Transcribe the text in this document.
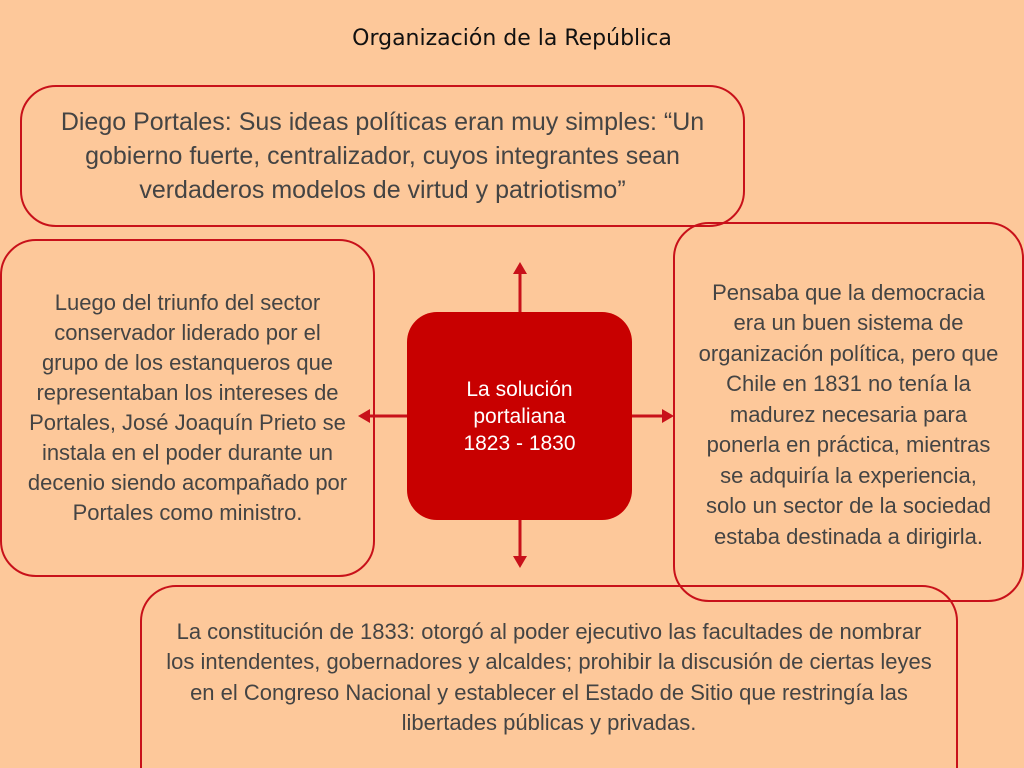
Organización de la República
Diego Portales: Sus ideas políticas eran muy simples: “Un gobierno fuerte, centralizador, cuyos integrantes sean verdaderos modelos de virtud y patriotismo”
Luego del triunfo del sector conservador liderado por el grupo de los estanqueros que representaban los intereses de Portales, José Joaquín Prieto se instala en el poder durante un decenio siendo acompañado por Portales como ministro.
Pensaba que la democracia era un buen sistema de organización política, pero que Chile en 1831 no tenía la madurez necesaria para ponerla en práctica, mientras se adquiría la experiencia, solo un sector de la sociedad estaba destinada a dirigirla.
La constitución de 1833: otorgó al poder ejecutivo las facultades de nombrar los intendentes, gobernadores y alcaldes; prohibir la discusión de ciertas leyes en el Congreso Nacional y establecer el Estado de Sitio que restringía las libertades públicas y privadas.
La solución
portaliana
1823 - 1830
